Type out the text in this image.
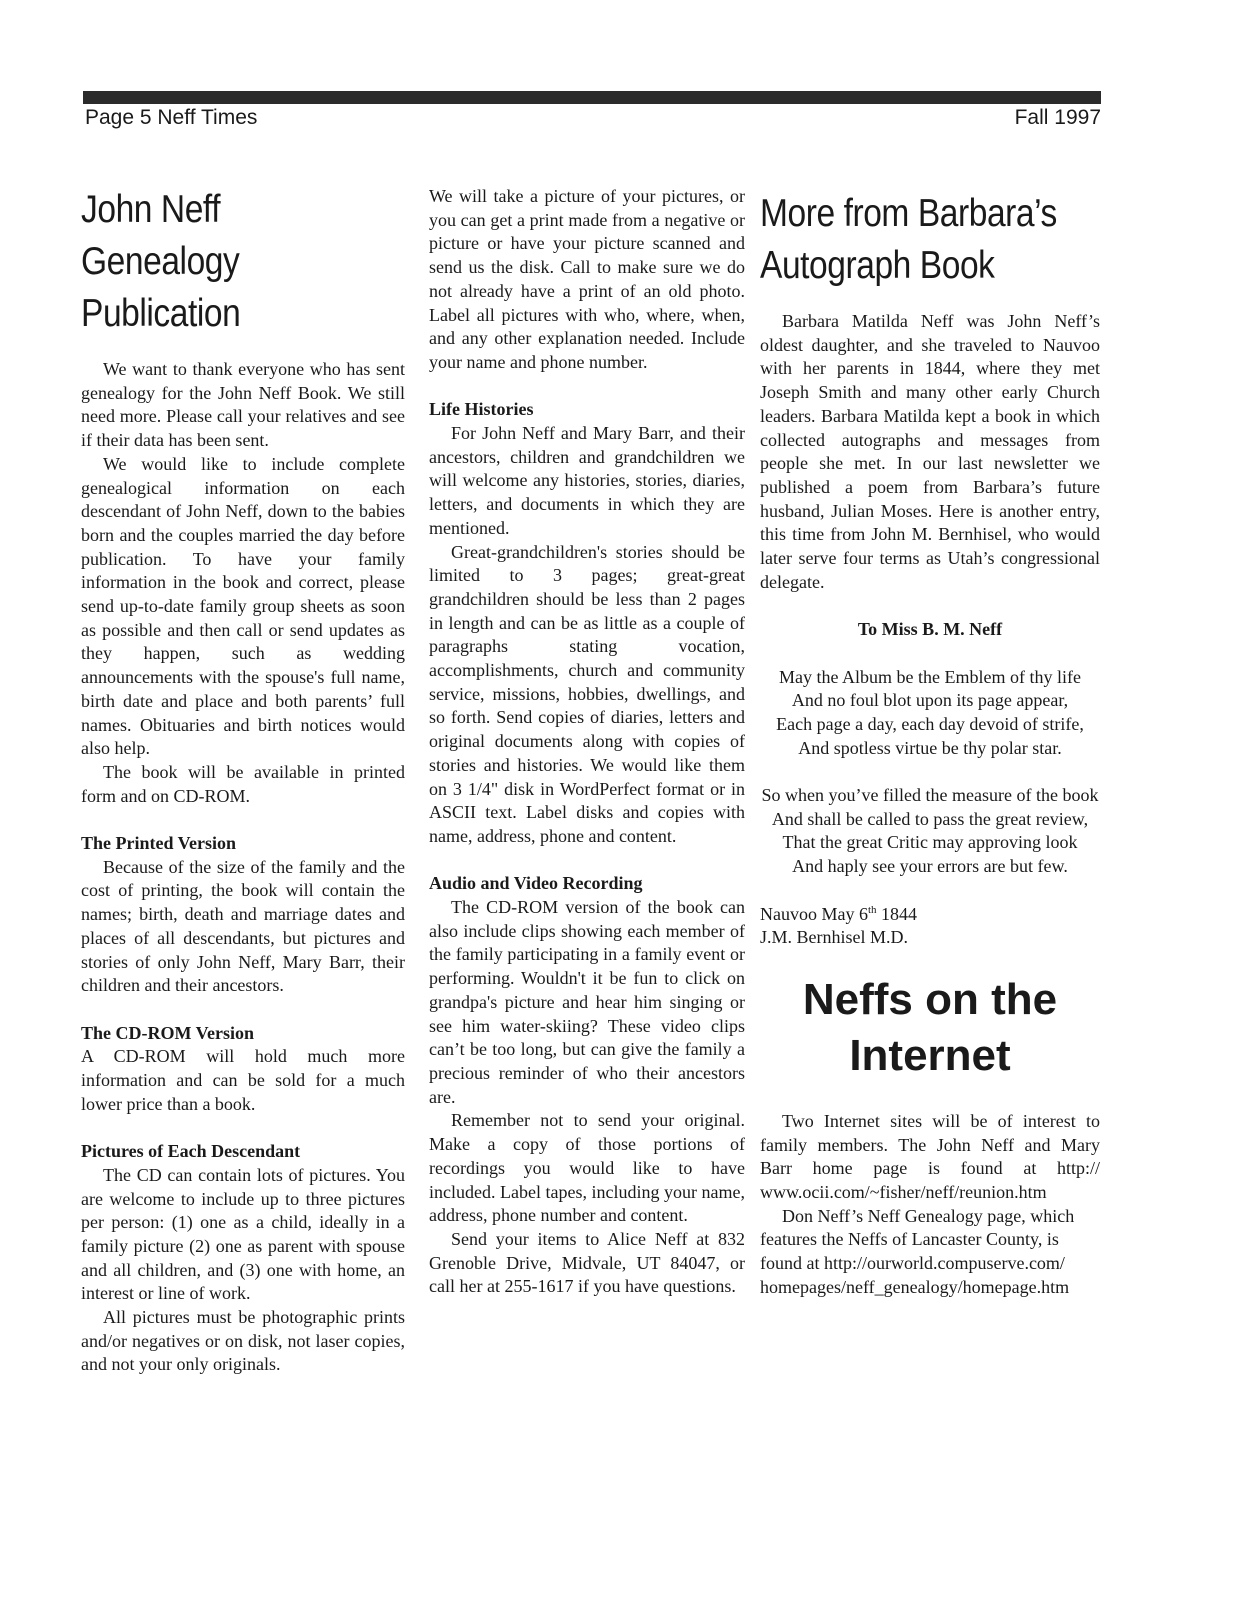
Page 5 Neff Times	Fall 1997
John Neff
Genealogy
Publication

We want to thank everyone who has sent genealogy for the John Neff Book. We still need more. Please call your relatives and see if their data has been sent.

We would like to include complete genealogical information on each descendant of John Neff, down to the babies born and the couples married the day before publication. To have your family information in the book and correct, please send up-to-date family group sheets as soon as possible and then call or send updates as they happen, such as wedding announcements with the spouse's full name, birth date and place and both parents’ full names. Obituaries and birth notices would also help.

The book will be available in printed form and on CD-ROM.

The Printed Version

Because of the size of the family and the cost of printing, the book will contain the names; birth, death and marriage dates and places of all descendants, but pictures and stories of only John Neff, Mary Barr, their children and their ancestors.

The CD-ROM Version

A CD-ROM will hold much more information and can be sold for a much lower price than a book.

Pictures of Each Descendant

The CD can contain lots of pictures. You are welcome to include up to three pictures per person: (1) one as a child, ideally in a family picture (2) one as parent with spouse and all children, and (3) one with home, an interest or line of work.

All pictures must be photographic prints and/or negatives or on disk, not laser copies, and not your only originals.

We will take a picture of your pictures, or you can get a print made from a negative or picture or have your picture scanned and send us the disk. Call to make sure we do not already have a print of an old photo. Label all pictures with who, where, when, and any other explanation needed. Include your name and phone number.

Life Histories

For John Neff and Mary Barr, and their ancestors, children and grandchildren we will welcome any histories, stories, diaries, letters, and documents in which they are mentioned.

Great-grandchildren's stories should be limited to 3 pages; great-great grandchildren should be less than 2 pages in length and can be as little as a couple of paragraphs stating vocation, accomplishments, church and community service, missions, hobbies, dwellings, and so forth. Send copies of diaries, letters and original documents along with copies of stories and histories. We would like them on 3 1/4" disk in WordPerfect format or in ASCII text. Label disks and copies with name, address, phone and content.

Audio and Video Recording

The CD-ROM version of the book can also include clips showing each member of the family participating in a family event or performing. Wouldn't it be fun to click on grandpa's picture and hear him singing or see him water-skiing? These video clips can’t be too long, but can give the family a precious reminder of who their ancestors are.

Remember not to send your original. Make a copy of those portions of recordings you would like to have included. Label tapes, including your name, address, phone number and content.

Send your items to Alice Neff at 832 Grenoble Drive, Midvale, UT 84047, or call her at 255-1617 if you have questions.

More from Barbara’s
Autograph Book

Barbara Matilda Neff was John Neff’s oldest daughter, and she traveled to Nauvoo with her parents in 1844, where they met Joseph Smith and many other early Church leaders. Barbara Matilda kept a book in which collected autographs and messages from people she met. In our last newsletter we published a poem from Barbara’s future husband, Julian Moses. Here is another entry, this time from John M. Bernhisel, who would later serve four terms as Utah’s congressional delegate.

To Miss B. M. Neff

May the Album be the Emblem of thy life

And no foul blot upon its page appear,

Each page a day, each day devoid of strife,

And spotless virtue be thy polar star.

So when you’ve filled the measure of the book

And shall be called to pass the great review,

That the great Critic may approving look

And haply see your errors are but few.

Nauvoo May 6th 1844

J.M. Bernhisel M.D.

Neffs on the
Internet

Two Internet sites will be of interest to family members. The John Neff and Mary Barr home page is found at http:// www.ocii.com/~fisher/neff/reunion.htm

Don Neff’s Neff Genealogy page, which features the Neffs of Lancaster County, is found at http://ourworld.compuserve.com/ homepages/neff_genealogy/homepage.htm
